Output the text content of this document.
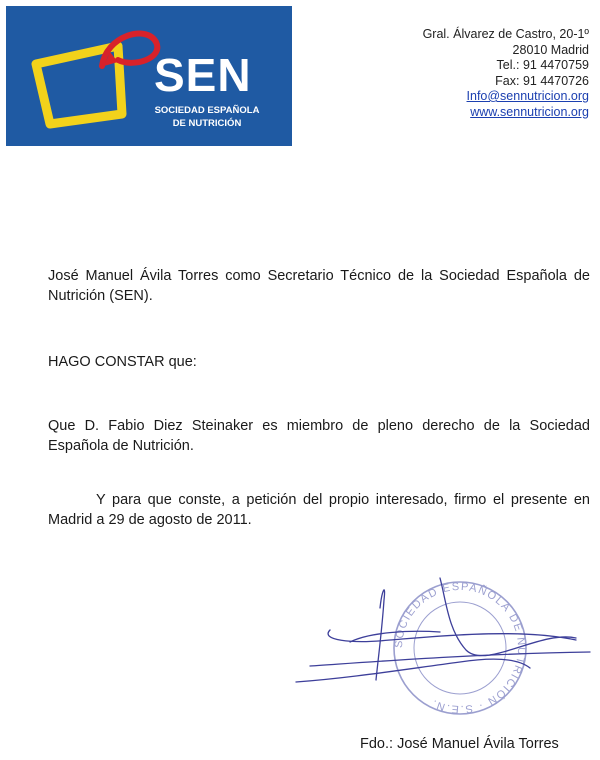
SEN
SOCIEDAD ESPAÑOLA
DE NUTRICIÓN
Gral. Álvarez de Castro, 20-1º
28010 Madrid
Tel.: 91 4470759
Fax: 91 4470726
Info@sennutricion.org
www.sennutricion.org
José Manuel Ávila Torres como Secretario Técnico de la Sociedad Española de Nutrición (SEN).
HAGO CONSTAR que:
Que D. Fabio Diez Steinaker es miembro de pleno derecho de la Sociedad Española de Nutrición.
Y para que conste, a petición del propio interesado, firmo el presente en Madrid a 29 de agosto de 2011.
SOCIEDAD ESPAÑOLA DE NUTRICIÓN · S.E.N.
Fdo.: José Manuel Ávila Torres
